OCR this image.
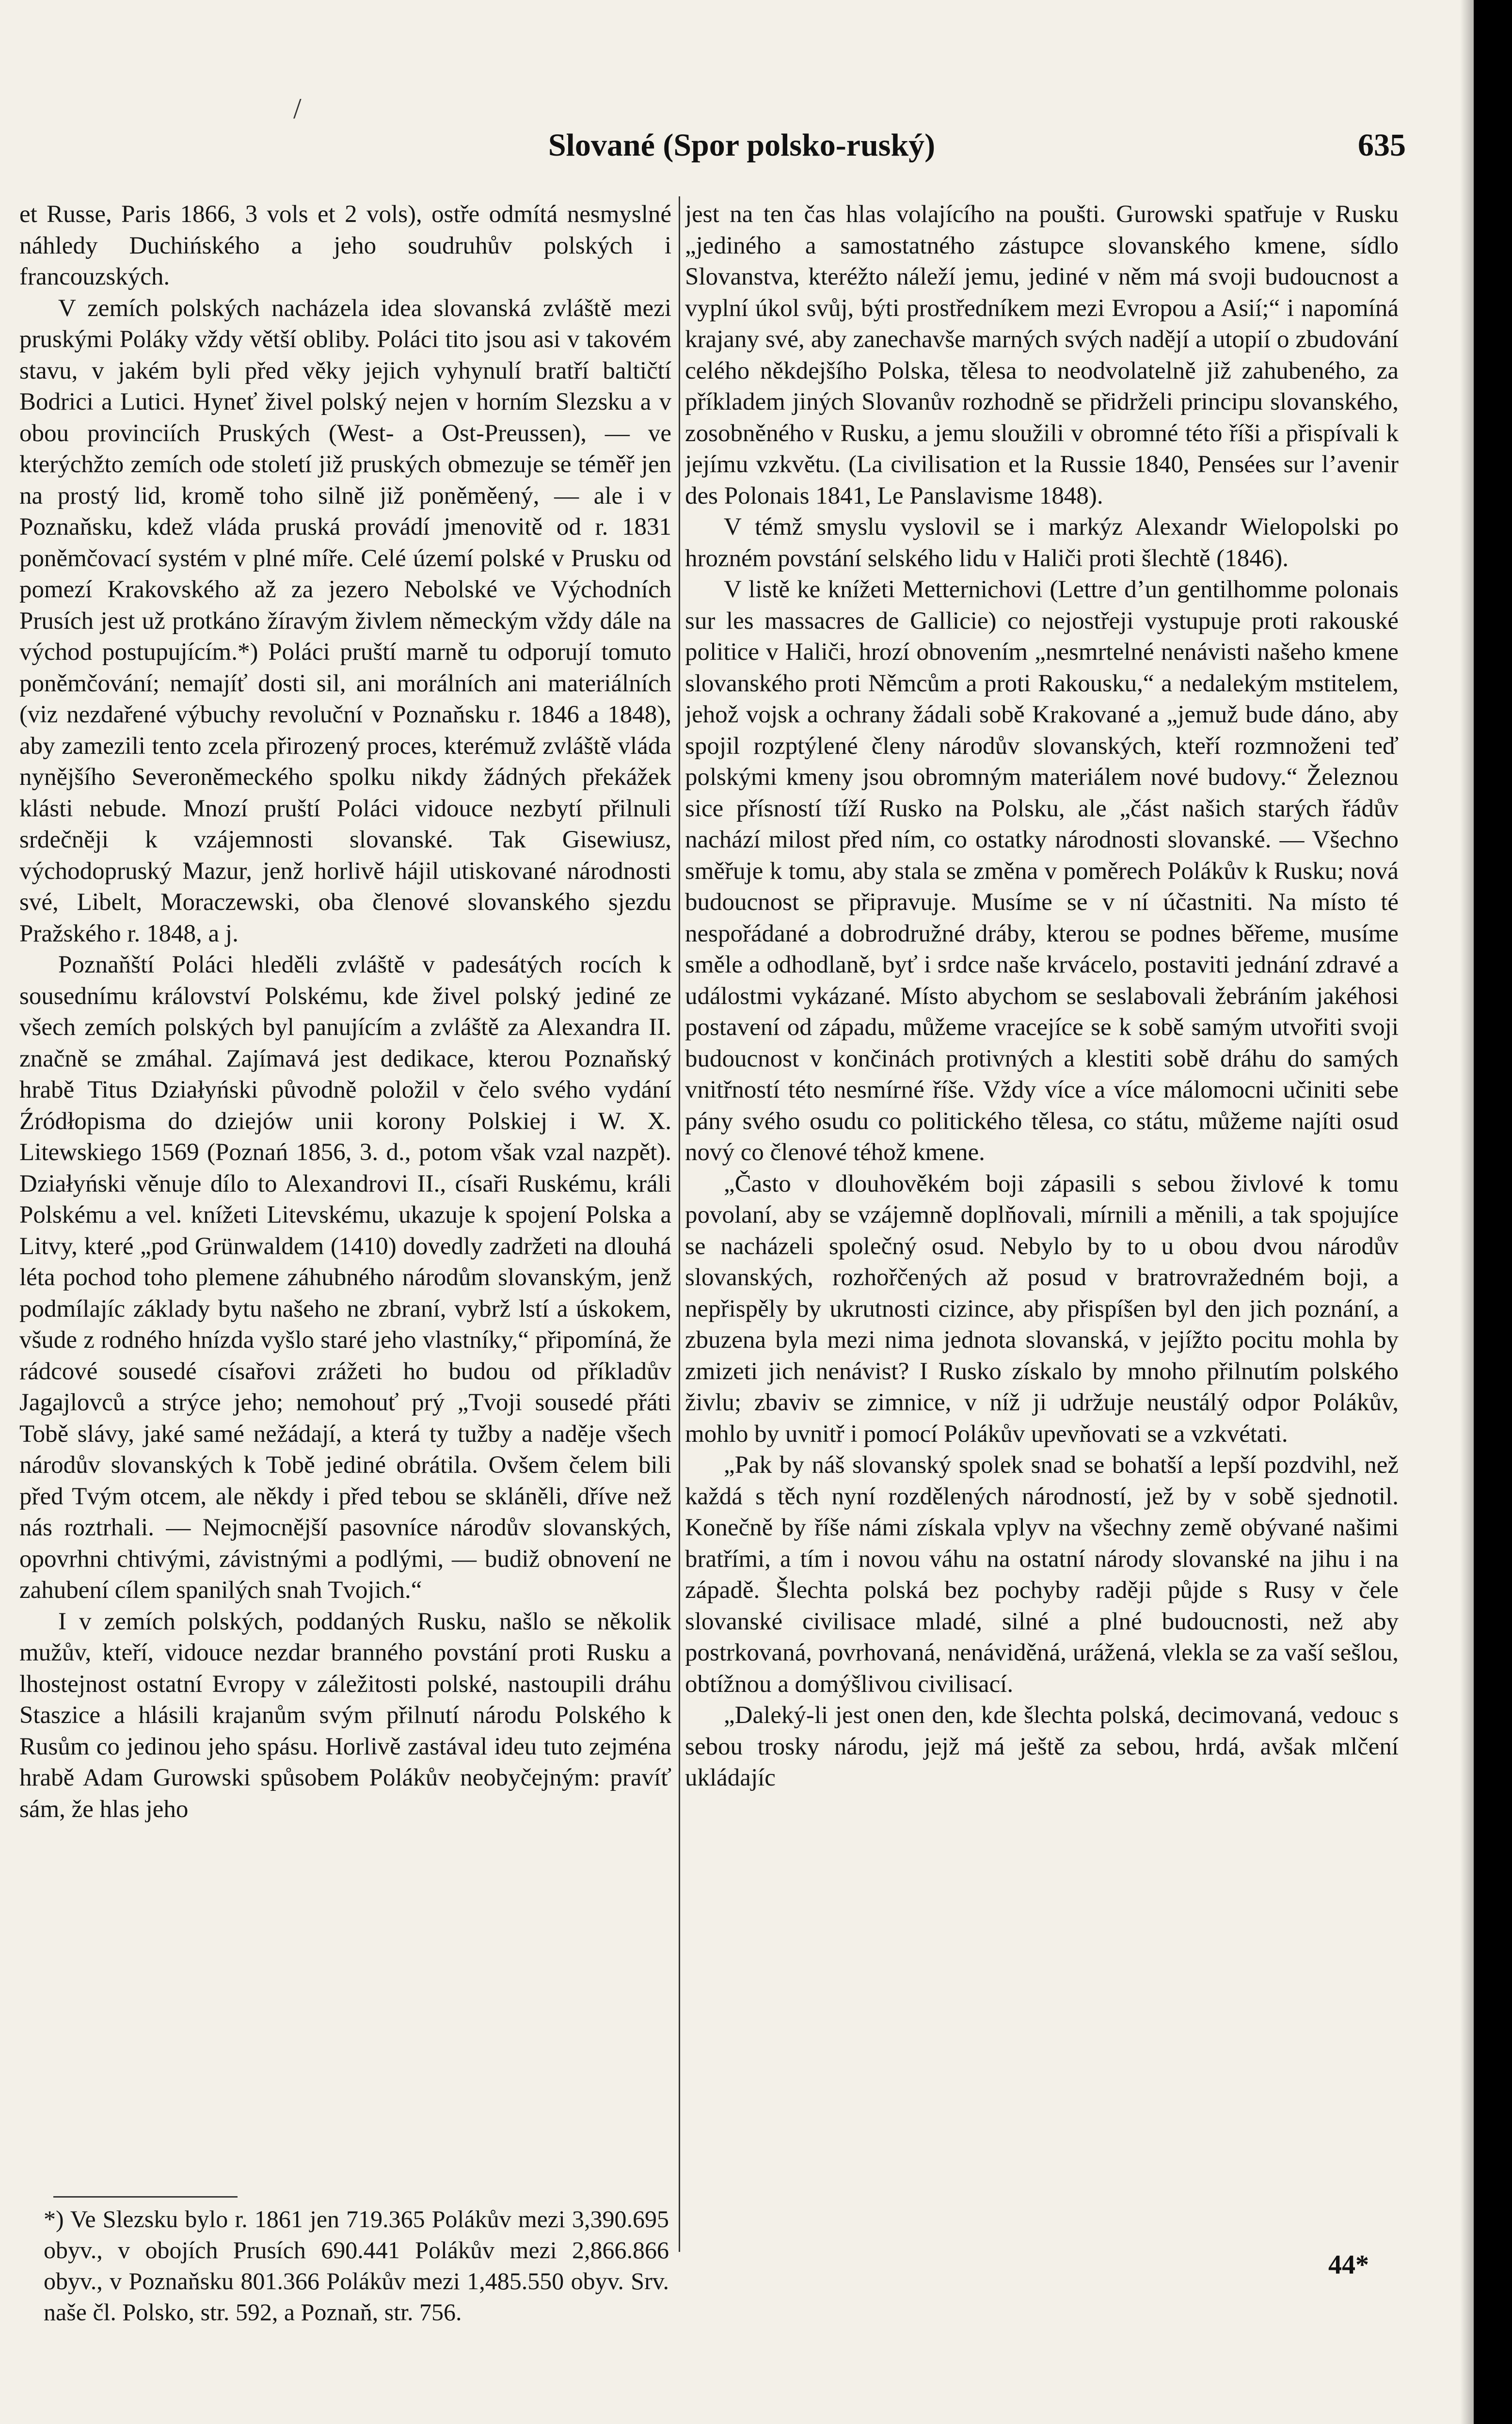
/
Slované (Spor polsko-ruský)	635

et Russe, Paris 1866, 3 vols et 2 vols), ostře odmítá nesmyslné náhledy Duchińského a jeho soudruhův polských i francouzských.

V zemích polských nacházela idea slovanská zvláště mezi pruskými Poláky vždy větší oblibу. Poláci tito jsou asi v takovém stavu, v jakém byli před věky jejich vyhynulí bratří baltičtí Bodrici a Lutici. Hyneť živel polský nejen v horním Slezsku a v obou provinciích Pruských (West- a Ost-Preussen), — ve kterýchžto zemích ode století již pruských obmezuje se téměř jen na prostý lid, kromě toho silně již poněměený, — ale i v Poznaňsku, kdež vláda pruská provádí jmenovitě od r. 1831 poněmčovací systém v plné míře. Celé území polské v Prusku od pomezí Krakovského až za jezero Nebolské ve Východních Prusích jest už protkáno žíravým živlem německým vždy dále na východ postupujícím.*) Poláci pruští marně tu odporují tomuto poněmčování; nemajíť dosti sil, ani morálních ani materiálních (viz nezdařené výbuchy revoluční v Poznaňsku r. 1846 a 1848), aby zamezili tento zcela přirozený proces, kterémuž zvláště vláda nynějšího Severoněmeckého spolku nikdy žádných překážek klásti nebude. Mnozí pruští Poláci vidouce nezbytí přilnuli srdečněji k vzájemnosti slovanské. Tak Gisewiusz, východopruský Mazur, jenž horlivě hájil utiskované národnosti své, Libelt, Moraczewski, oba členové slovanského sjezdu Pražského r. 1848, a j.

Poznaňští Poláci hleděli zvláště v padesátých rocích k sousednímu království Polskému, kde živel polský jediné ze všech zemích polských byl panujícím a zvláště za Alexandra II. značně se zmáhal. Zajímavá jest dedikace, kterou Poznaňský hrabě Titus Działyński původně položil v čelo svého vydání Źródłopisma do dziejów unii korony Polskiej i W. X. Litewskiego 1569 (Poznań 1856, 3. d., potom však vzal nazpět). Działyński věnuje dílo to Alexandrovi II., císaři Ruskému, králi Polskému a vel. knížeti Litevskému, ukazuje k spojení Polska a Litvy, které „pod Grünwaldem (1410) dovedly zadržeti na dlouhá léta pochod toho plemene záhubného národům slovanským, jenž podmílajíc základy bytu našeho ne zbraní, vybrž lstí a úskokem, všude z rodného hnízda vyšlo staré jeho vlastníky,“ připomíná, že rádcové sousedé císařovi zrážeti ho budou od příkladův Jagajlovců a strýce jeho; nemohouť prý „Tvoji sousedé přáti Tobě slávy, jaké samé nežádají, a která ty tužby a naděje všech národův slovanských k Tobě jediné obrátila. Ovšem čelem bili před Tvým otcem, ale někdy i před tebou se skláněli, dříve než nás roztrhali. — Nejmocnější pasovníce národův slovanských, opovrhni chtivými, závistnými a podlými, — budiž obnovení ne zahubení cílem spanilých snah Tvojich.“

I v zemích polských, poddaných Rusku, našlo se několik mužův, kteří, vidouce nezdar branného povstání proti Rusku a lhostejnost ostatní Evropy v záležitosti polské, nastoupili dráhu Staszice a hlásili krajanům svým přilnutí národu Polského k Rusům co jedinou jeho spásu. Horlivě zastával ideu tuto zejména hrabě Adam Gurowski spůsobem Polákův neobyčejným: pravíť sám, že hlas jeho

jest na ten čas hlas volajícího na poušti. Gurowski spatřuje v Rusku „jediného a samostatného zástupce slovanského kmene, sídlo Slovanstva, kteréžto náleží jemu, jediné v něm má svoji budoucnost a vyplní úkol svůj, býti prostředníkem mezi Evropou a Asií;“ i napomíná krajany své, aby zanechavše marných svých nadějí a utopií o zbudování celého někdejšího Polska, tělesa to neodvolatelně již zahubeného, za příkladem jiných Slovanův rozhodně se přidrželi principu slovanského, zosobněného v Rusku, a jemu sloužili v obromné této říši a přispívali k jejímu vzkvětu. (La civilisation et la Russie 1840, Pensées sur l’avenir des Polonais 1841, Le Panslavisme 1848).

V témž smyslu vyslovil se i markýz Alexandr Wielopolski po hrozném povstání selského lidu v Haliči proti šlechtě (1846).

V listě ke knížeti Metternichovi (Lettre d’un gentilhomme polonais sur les massacres de Gallicie) co nejostřeji vystupuje proti rakouské politice v Haliči, hrozí obnovením „nesmrtelné nenávisti našeho kmene slovanského proti Němcům a proti Rakousku,“ a nedalekým mstitelem, jehož vojsk a ochrany žádali sobě Krakované a „jemuž bude dáno, aby spojil rozptýlené členy národův slovanských, kteří rozmnoženi teď polskými kmeny jsou obromným materiálem nové budovy.“ Železnou sice přísností tíží Rusko na Polsku, ale „část našich starých řádův nachází milost před ním, co ostatky národnosti slovanské. — Všechno směřuje k tomu, aby stala se změna v poměrech Polákův k Rusku; nová budoucnost se připravuje. Musíme se v ní účastniti. Na místo té nespořádané a dobrodružné dráby, kterou se podnes běřeme, musíme směle a odhodlaně, byť i srdce naše krvácelo, postaviti jednání zdravé a událostmi vykázané. Místo abychom se seslabovali žebráním jakéhosi postavení od západu, můžeme vracejíce se k sobě samým utvořiti svoji budoucnost v končinách protivných a klestiti sobě dráhu do samých vnitřností této nesmírné říše. Vždy více a více málomocni učiniti sebe pány svého osudu co politického tělesa, co státu, můžeme najíti osud nový co členové téhož kmene.

„Často v dlouhověkém boji zápasili s sebou živlové k tomu povolaní, aby se vzájemně doplňovali, mírnili a měnili, a tak spojujíce se nacházeli společný osud. Nebylo by to u obou dvou národův slovanských, rozhořčených až posud v bratrovražedném boji, a nepřispěly by ukrutnosti cizince, aby přispíšen byl den jich poznání, a zbuzena byla mezi nima jednota slovanská, v jejížto pocitu mohla by zmizeti jich nenávist? I Rusko získalo by mnoho přilnutím polského živlu; zbaviv se zimnice, v níž ji udržuje neustálý odpor Polákův, mohlo by uvnitř i pomocí Polákův upevňovati se a vzkvétati.

„Pak by náš slovanský spolek snad se bohatší a lepší pozdvihl, než každá s těch nyní rozdělených národností, jež by v sobě sjednotil. Konečně by říše námi získala vplyv na všechny země obývané našimi bratřími, a tím i novou váhu na ostatní národy slovanské na jihu i na západě. Šlechta polská bez pochyby raději půjde s Rusy v čele slovanské civilisace mladé, silné a plné budoucnosti, než aby postrkovaná, povrhovaná, nenáviděná, urážená, vlekla se za vaší sešlou, obtížnou a domýšlivou civilisací.

„Daleký-li jest onen den, kde šlechta polská, decimovaná, vedouc s sebou trosky národu, jejž má ještě za sebou, hrdá, avšak mlčení ukládajíc

*) Ve Slezsku bylo r. 1861 jen 719.365 Polákův mezi 3,390.695 obyv., v obojích Prusích 690.441 Polákův mezi 2,866.866 obyv., v Poznaňsku 801.366 Polákův mezi 1,485.550 obyv. Srv. naše čl. Polsko, str. 592, a Poznaň, str. 756.
44*
